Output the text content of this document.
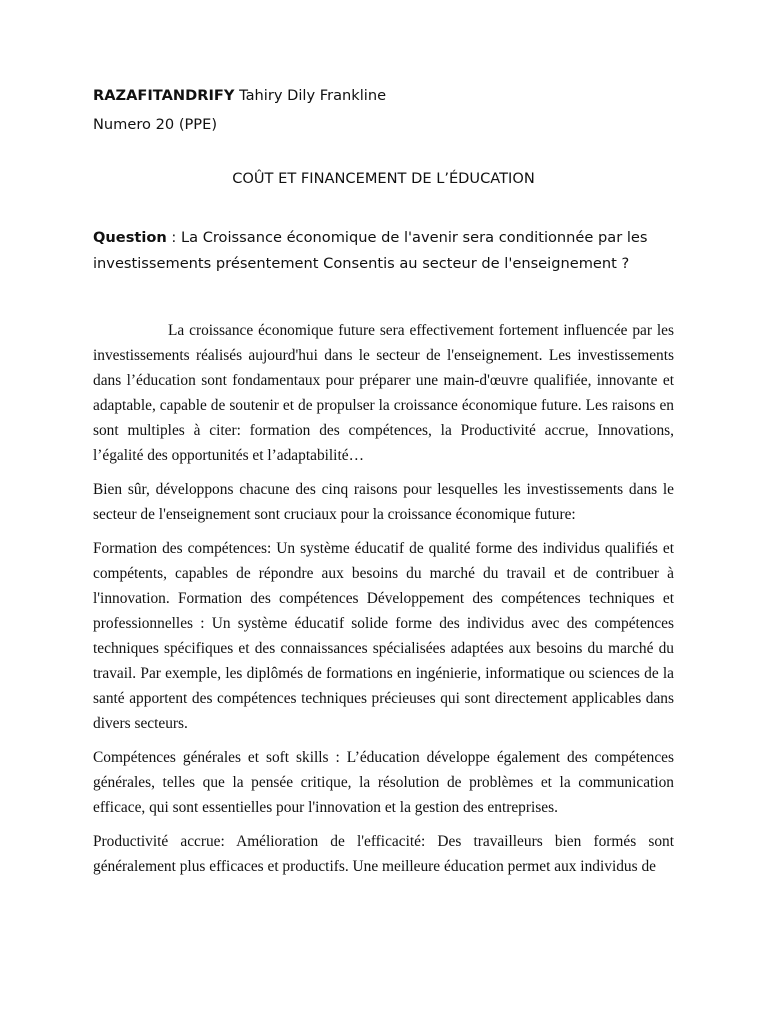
RAZAFITANDRIFY Tahiry Dily Frankline

Numero 20 (PPE)

COÛT ET FINANCEMENT DE L’ÉDUCATION

Question : La Croissance économique de l'avenir sera conditionnée par les investissements présentement Consentis au secteur de l'enseignement ?

La croissance économique future sera effectivement fortement influencée par les investissements réalisés aujourd'hui dans le secteur de l'enseignement. Les investissements dans l’éducation sont fondamentaux pour préparer une main-d'œuvre qualifiée, innovante et adaptable, capable de soutenir et de propulser la croissance économique future. Les raisons en sont multiples à citer: formation des compétences, la Productivité accrue, Innovations, l’égalité des opportunités et l’adaptabilité…

Bien sûr, développons chacune des cinq raisons pour lesquelles les investissements dans le secteur de l'enseignement sont cruciaux pour la croissance économique future:

Formation des compétences: Un système éducatif de qualité forme des individus qualifiés et compétents, capables de répondre aux besoins du marché du travail et de contribuer à l'innovation. Formation des compétences Développement des compétences techniques et professionnelles : Un système éducatif solide forme des individus avec des compétences techniques spécifiques et des connaissances spécialisées adaptées aux besoins du marché du travail. Par exemple, les diplômés de formations en ingénierie, informatique ou sciences de la santé apportent des compétences techniques précieuses qui sont directement applicables dans divers secteurs.

Compétences générales et soft skills : L’éducation développe également des compétences générales, telles que la pensée critique, la résolution de problèmes et la communication efficace, qui sont essentielles pour l'innovation et la gestion des entreprises.

Productivité accrue: Amélioration de l'efficacité: Des travailleurs bien formés sont généralement plus efficaces et productifs. Une meilleure éducation permet aux individus de
